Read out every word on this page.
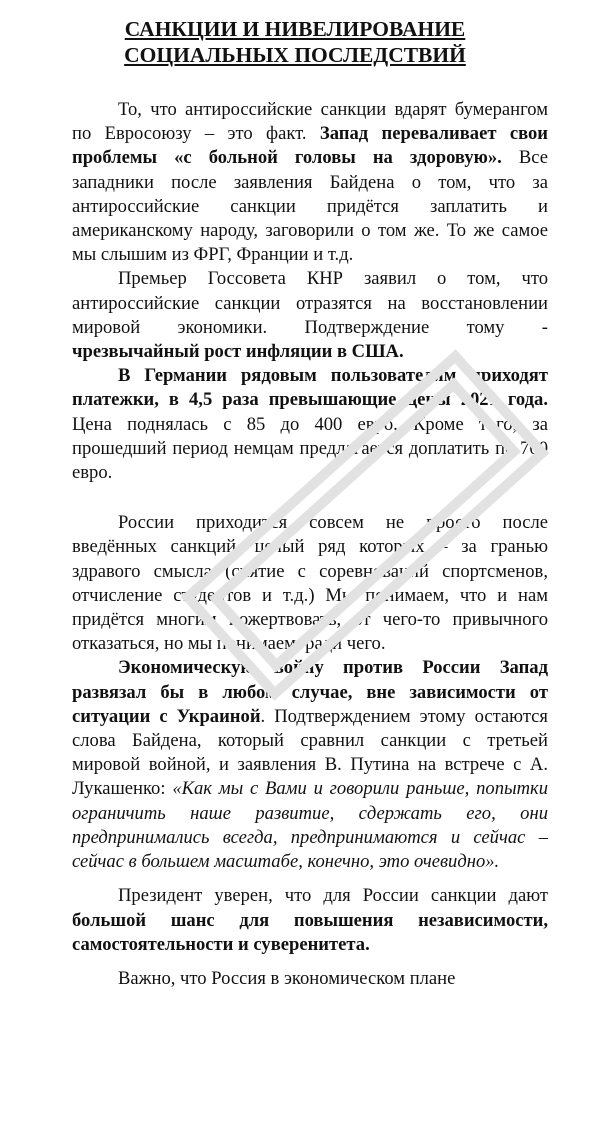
САНКЦИИ И НИВЕЛИРОВАНИЕ
СОЦИАЛЬНЫХ ПОСЛЕДСТВИЙ

То, что антироссийские санкции вдарят бумерангом по Евросоюзу – это факт. Запад переваливает свои проблемы «с больной головы на здоровую». Все западники после заявления Байдена о том, что за антироссийские санкции придётся заплатить и американскому народу, заговорили о том же. То же самое мы слышим из ФРГ, Франции и т.д.

Премьер Госсовета КНР заявил о том, что антироссийские санкции отразятся на восстановлении мировой экономики. Подтверждение тому - чрезвычайный рост инфляции в США.

В Германии рядовым пользователям приходят платежки, в 4,5 раза превышающие цены 2021 года. Цена поднялась с 85 до 400 евро. Кроме того, за прошедший период немцам предлагается доплатить по 700 евро.

России приходится совсем не просто после введённых санкций, целый ряд которых – за гранью здравого смысла (снятие с соревнований спортсменов, отчисление студентов и т.д.) Мы понимаем, что и нам придётся многим пожертвовать, от чего-то привычного отказаться, но мы понимаем, ради чего.

Экономическую войну против России Запад развязал бы в любом случае, вне зависимости от ситуации с Украиной. Подтверждением этому остаются слова Байдена, который сравнил санкции с третьей мировой войной, и заявления В. Путина на встрече с А. Лукашенко: «Как мы с Вами и говорили раньше, попытки ограничить наше развитие, сдержать его, они предпринимались всегда, предпринимаются и сейчас – сейчас в большем масштабе, конечно, это очевидно».

Президент уверен, что для России санкции дают большой шанс для повышения независимости, самостоятельности и суверенитета.

Важно, что Россия в экономическом плане
